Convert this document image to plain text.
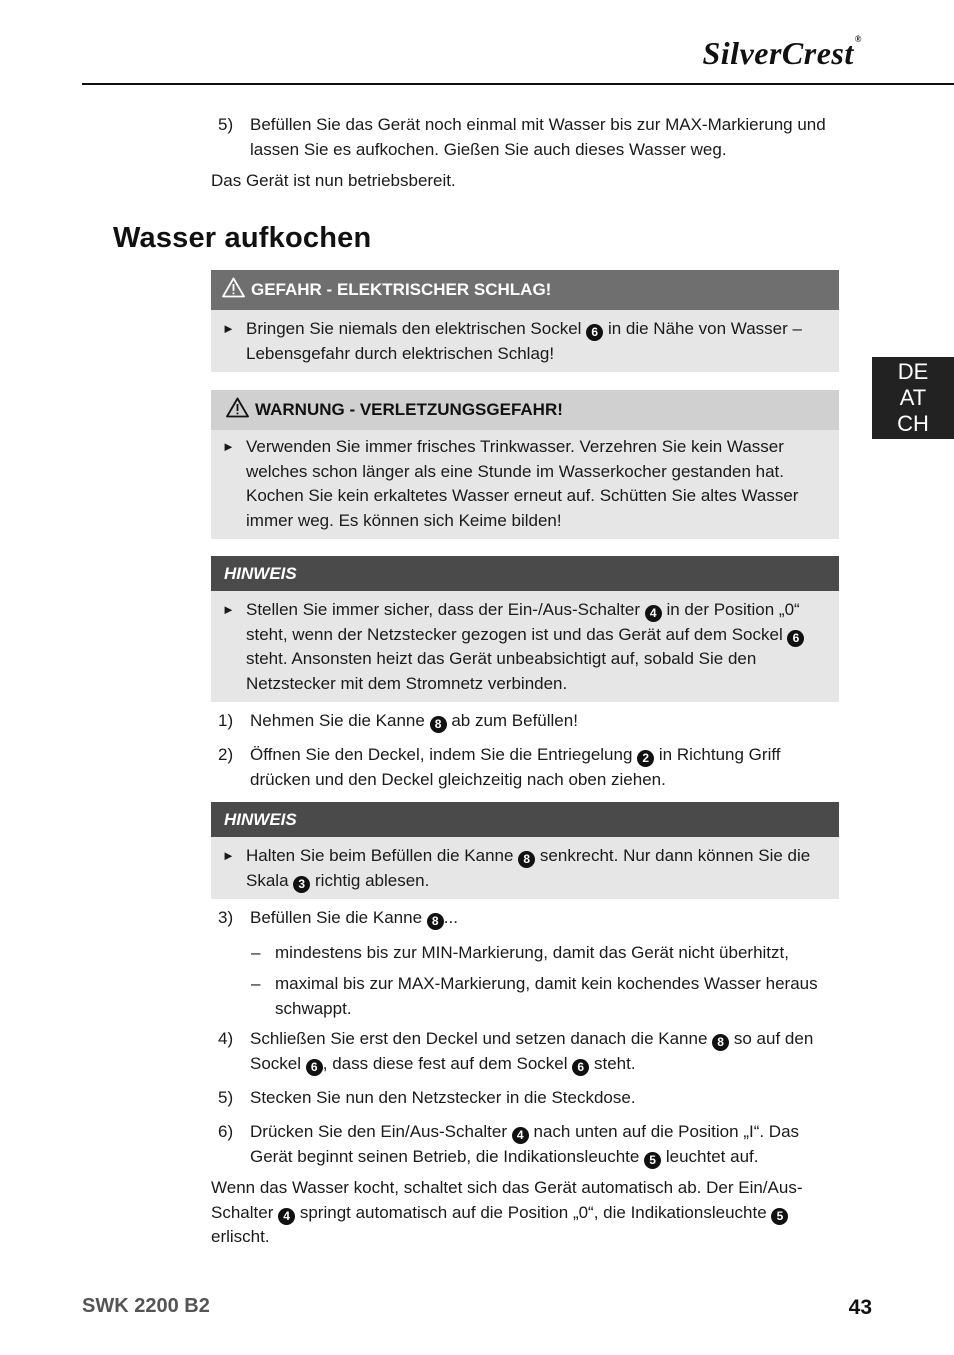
SilverCrest®
5) Befüllen Sie das Gerät noch einmal mit Wasser bis zur MAX-Markierung und lassen Sie es aufkochen. Gießen Sie auch dieses Wasser weg.
Das Gerät ist nun betriebsbereit.
Wasser aufkochen
GEFAHR - ELEKTRISCHER SCHLAG!
► Bringen Sie niemals den elektrischen Sockel 6 in die Nähe von Wasser – Lebensgefahr durch elektrischen Schlag!
WARNUNG - VERLETZUNGSGEFAHR!
► Verwenden Sie immer frisches Trinkwasser. Verzehren Sie kein Wasser welches schon länger als eine Stunde im Wasserkocher gestanden hat. Kochen Sie kein erkaltetes Wasser erneut auf. Schütten Sie altes Wasser immer weg. Es können sich Keime bilden!
HINWEIS
► Stellen Sie immer sicher, dass der Ein-/Aus-Schalter 4 in der Position „0“ steht, wenn der Netzstecker gezogen ist und das Gerät auf dem Sockel 6 steht. Ansonsten heizt das Gerät unbeabsichtigt auf, sobald Sie den Netzstecker mit dem Stromnetz verbinden.
1) Nehmen Sie die Kanne 8 ab zum Befüllen!
2) Öffnen Sie den Deckel, indem Sie die Entriegelung 2 in Richtung Griff drücken und den Deckel gleichzeitig nach oben ziehen.
HINWEIS
► Halten Sie beim Befüllen die Kanne 8 senkrecht. Nur dann können Sie die Skala 3 richtig ablesen.
3) Befüllen Sie die Kanne 8 ...
– mindestens bis zur MIN-Markierung, damit das Gerät nicht überhitzt,
– maximal bis zur MAX-Markierung, damit kein kochendes Wasser heraus schwappt.
4) Schließen Sie erst den Deckel und setzen danach die Kanne 8 so auf den Sockel 6 , dass diese fest auf dem Sockel 6 steht.
5) Stecken Sie nun den Netzstecker in die Steckdose.
6) Drücken Sie den Ein/Aus-Schalter 4 nach unten auf die Position „I“. Das Gerät beginnt seinen Betrieb, die Indikationsleuchte 5 leuchtet auf.
Wenn das Wasser kocht, schaltet sich das Gerät automatisch ab. Der Ein/Aus-Schalter 4 springt automatisch auf die Position „0“, die Indikationsleuchte 5 erlischt.
DE
AT
CH
SWK 2200 B2	43
